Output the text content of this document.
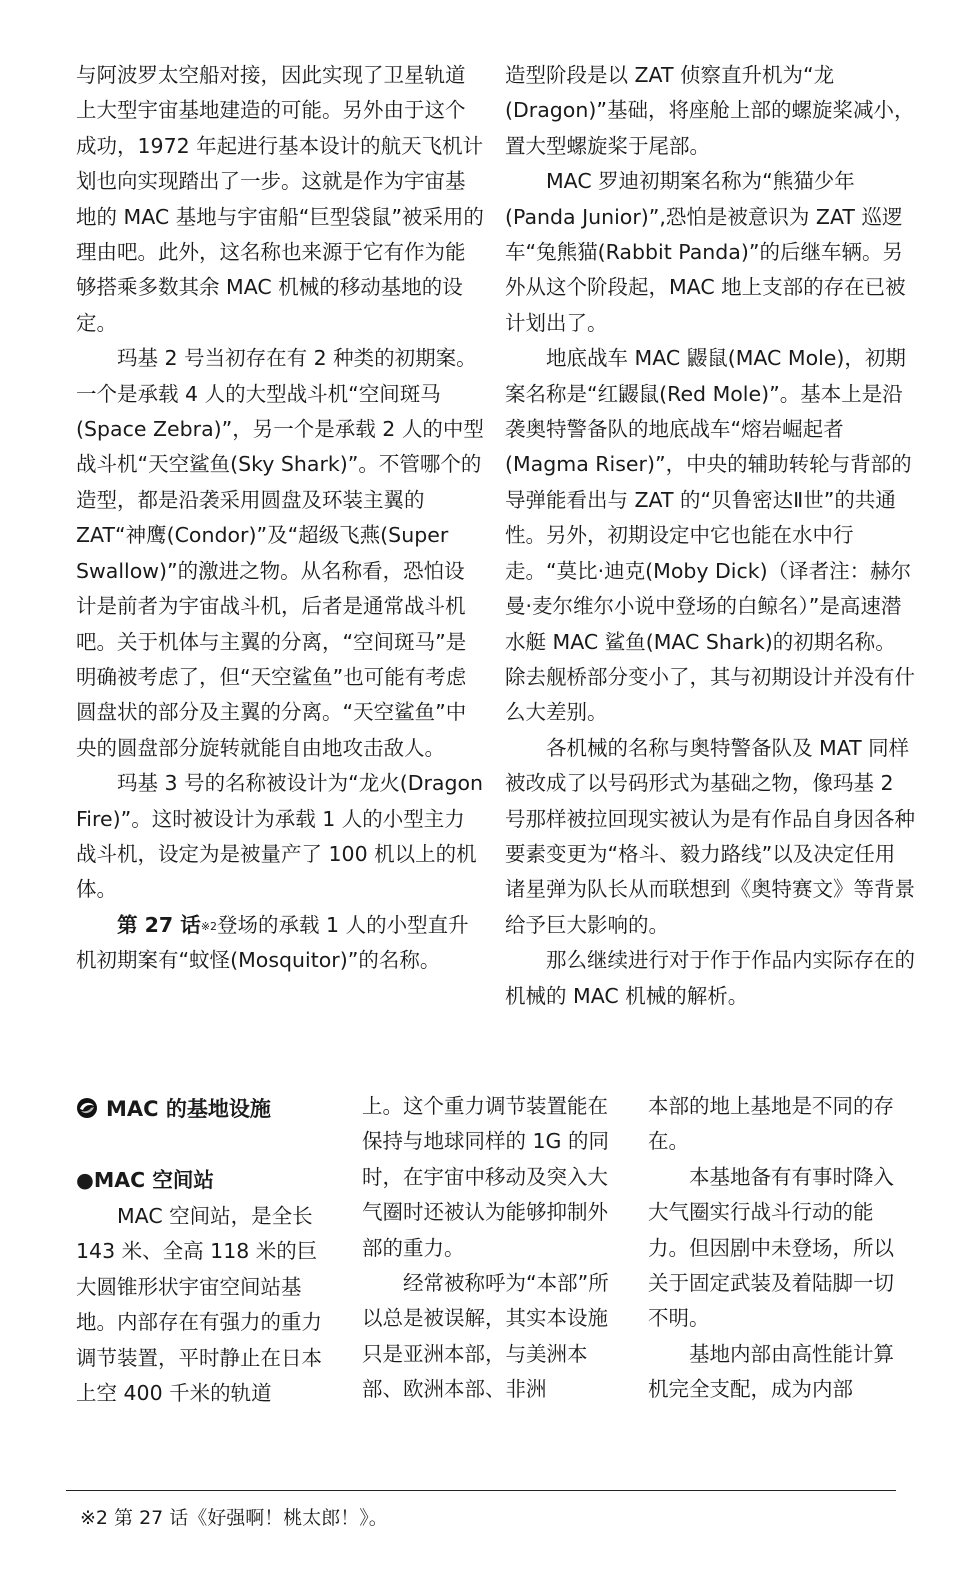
与阿波罗太空船对接，因此实现了卫星轨道上大型宇宙基地建造的可能。另外由于这个成功，1972 年起进行基本设计的航天飞机计划也向实现踏出了一步。这就是作为宇宙基地的 MAC 基地与宇宙船“巨型袋鼠”被采用的理由吧。此外，这名称也来源于它有作为能够搭乘多数其余 MAC 机械的移动基地的设定。

玛基 2 号当初存在有 2 种类的初期案。一个是承载 4 人的大型战斗机“空间斑马(Space Zebra)”，另一个是承载 2 人的中型战斗机“天空鲨鱼(Sky Shark)”。不管哪个的造型，都是沿袭采用圆盘及环装主翼的 ZAT“神鹰(Condor)”及“超级飞燕(Super Swallow)”的激进之物。从名称看，恐怕设计是前者为宇宙战斗机，后者是通常战斗机吧。关于机体与主翼的分离，“空间斑马”是明确被考虑了，但“天空鲨鱼”也可能有考虑圆盘状的部分及主翼的分离。“天空鲨鱼”中央的圆盘部分旋转就能自由地攻击敌人。

玛基 3 号的名称被设计为“龙火(Dragon Fire)”。这时被设计为承载 1 人的小型主力战斗机，设定为是被量产了 100 机以上的机体。

第 27 话$^{※2}$登场的承载 1 人的小型直升机初期案有“蚊怪(Mosquitor)”的名称。

造型阶段是以 ZAT 侦察直升机为“龙(Dragon)”基础，将座舱上部的螺旋桨减小，置大型螺旋桨于尾部。

MAC 罗迪初期案名称为“熊猫少年(Panda Junior)”,恐怕是被意识为 ZAT 巡逻车“兔熊猫(Rabbit Panda)”的后继车辆。另外从这个阶段起，MAC 地上支部的存在已被计划出了。

地底战车 MAC 鼹鼠(MAC Mole)，初期案名称是“红鼹鼠(Red Mole)”。基本上是沿袭奥特警备队的地底战车“熔岩崛起者(Magma Riser)”，中央的辅助转轮与背部的导弹能看出与 ZAT 的“贝鲁密达Ⅱ世”的共通性。另外，初期设定中它也能在水中行走。“莫比·迪克(Moby Dick)（译者注：赫尔曼·麦尔维尔小说中登场的白鲸名）”是高速潜水艇 MAC 鲨鱼(MAC Shark)的初期名称。除去舰桥部分变小了，其与初期设计并没有什么大差别。

各机械的名称与奥特警备队及 MAT 同样被改成了以号码形式为基础之物，像玛基 2 号那样被拉回现实被认为是有作品自身因各种要素变更为“格斗、毅力路线”以及决定任用诸星弹为队长从而联想到《奥特赛文》等背景给予巨大影响的。

那么继续进行对于作于作品内实际存在的机械的 MAC 机械的解析。

MAC 的基地设施
●MAC 空间站

MAC 空间站，是全长 143 米、全高 118 米的巨大圆锥形状宇宙空间站基地。内部存在有强力的重力调节装置，平时静止在日本上空 400 千米的轨道

上。这个重力调节装置能在保持与地球同样的 1G 的同时，在宇宙中移动及突入大气圈时还被认为能够抑制外部的重力。

经常被称呼为“本部”所以总是被误解，其实本设施只是亚洲本部，与美洲本部、欧洲本部、非洲

本部的地上基地是不同的存在。

本基地备有有事时降入大气圈实行战斗行动的能力。但因剧中未登场，所以关于固定武装及着陆脚一切不明。

基地内部由高性能计算机完全支配，成为内部

※2 第 27 话《好强啊！桃太郎！》。
